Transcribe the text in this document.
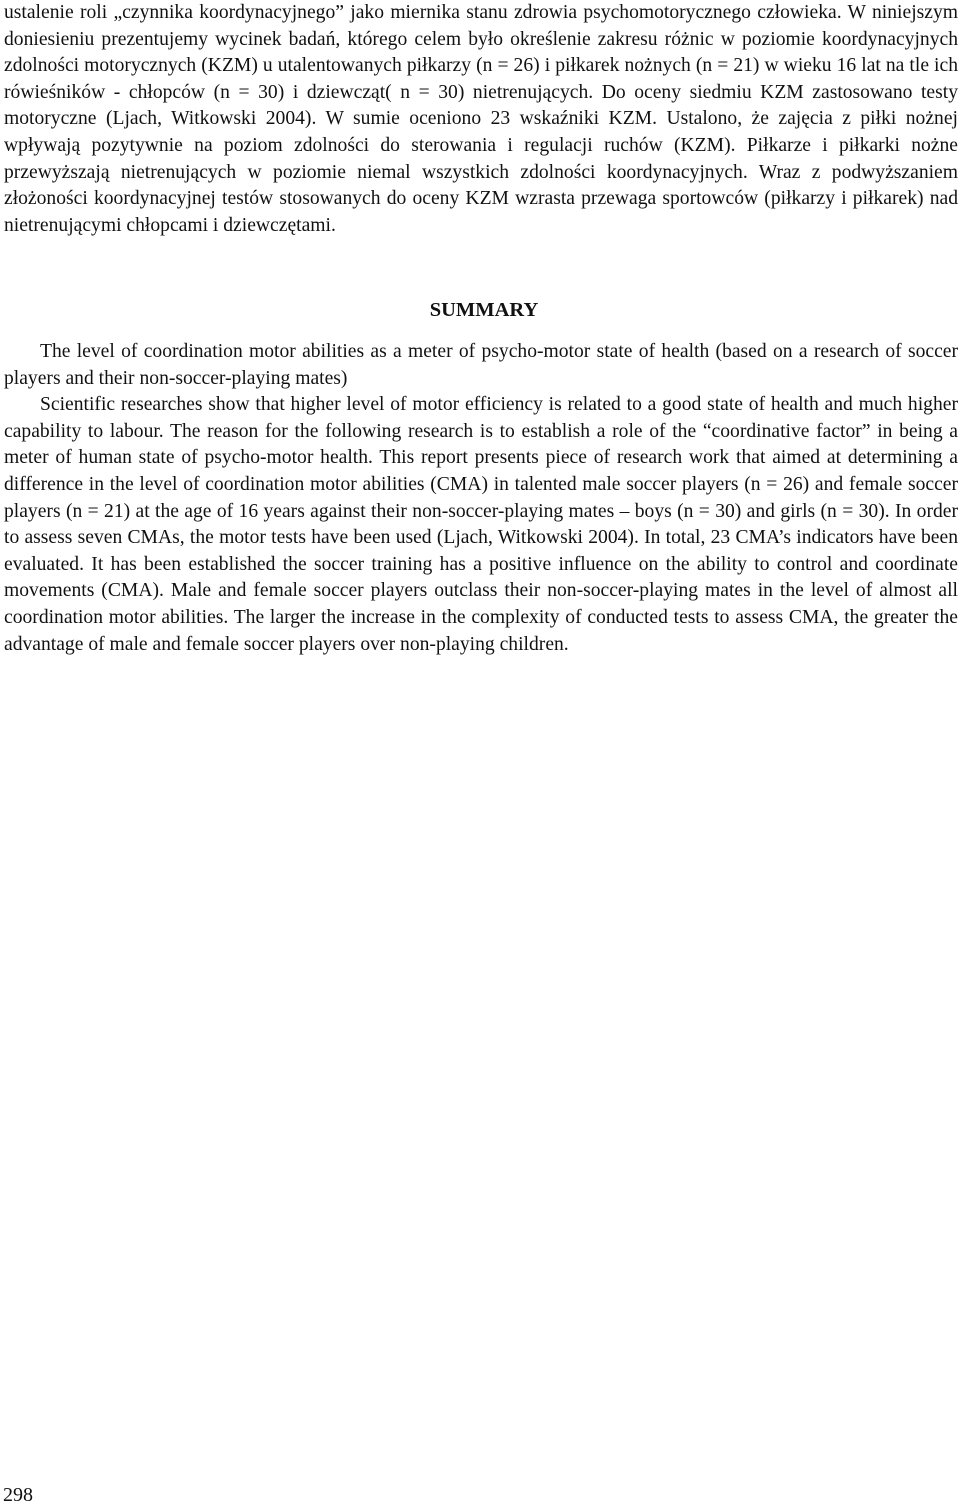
ustalenie roli „czynnika koordynacyjnego” jako miernika stanu zdrowia psychomotorycznego człowieka. W niniejszym doniesieniu prezentujemy wycinek badań, którego celem było określenie zakresu różnic w poziomie koordynacyjnych zdolności motorycznych (KZM) u utalentowanych piłkarzy (n = 26) i piłkarek nożnych (n = 21) w wieku 16 lat na tle ich rówieśników - chłopców (n = 30) i dziewcząt( n = 30) nietrenujących. Do oceny siedmiu KZM zastosowano testy motoryczne (Ljach, Witkowski 2004). W sumie oceniono 23 wskaźniki KZM. Ustalono, że zajęcia z piłki nożnej wpływają pozytywnie na poziom zdolności do sterowania i regulacji ruchów (KZM). Piłkarze i piłkarki nożne przewyższają nietrenujących w poziomie niemal wszystkich zdolności koordynacyjnych. Wraz z podwyższaniem złożoności koordynacyjnej testów stosowanych do oceny KZM wzrasta przewaga sportowców (piłkarzy i piłkarek) nad nietrenującymi chłopcami i dziewczętami.

SUMMARY

The level of coordination motor abilities as a meter of psycho-motor state of health (based on a research of soccer players and their non-soccer-playing mates)

Scientific researches show that higher level of motor efficiency is related to a good state of health and much higher capability to labour. The reason for the following research is to establish a role of the “coordinative factor” in being a meter of human state of psycho-motor health. This report presents piece of research work that aimed at determining a difference in the level of coordination motor abilities (CMA) in talented male soccer players (n = 26) and female soccer players (n = 21) at the age of 16 years against their non-soccer-playing mates – boys (n = 30) and girls (n = 30). In order to assess seven CMAs, the motor tests have been used (Ljach, Witkowski 2004). In total, 23 CMA’s indicators have been evaluated. It has been established the soccer training has a positive influence on the ability to control and coordinate movements (CMA). Male and female soccer players outclass their non-soccer-playing mates in the level of almost all coordination motor abilities. The larger the increase in the complexity of conducted tests to assess CMA, the greater the advantage of male and female soccer players over non-playing children.

298
